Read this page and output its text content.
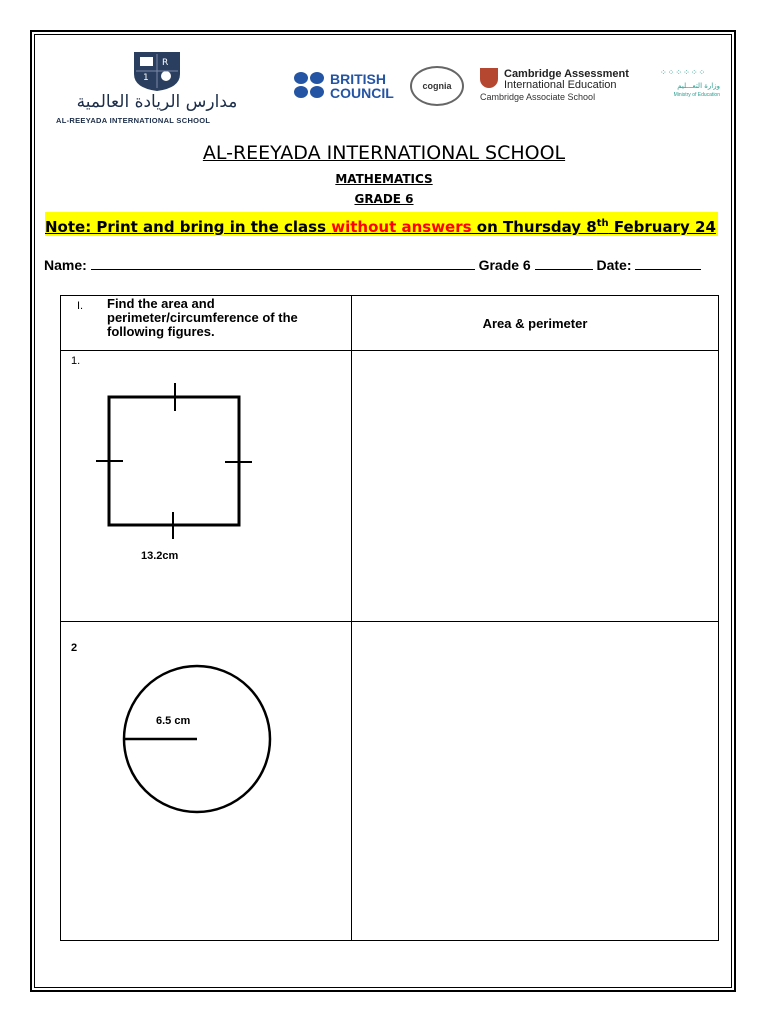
R
1
مدارس الريادة العالمية
AL-REEYADA INTERNATIONAL SCHOOL
BRITISH
COUNCIL	cognia
Cambridge Assessment
International Education
Cambridge Associate School
⁘⁘⁘⁘⁘⁘
وزارة التعـــليم
Ministry of Education
AL-REEYADA INTERNATIONAL SCHOOL
MATHEMATICS
GRADE 6
Note: Print and bring in the class without answers on Thursday 8th February 24
Name:	Grade 6	Date:
I. Find the area and perimeter/circumference of the following figures.	Area & perimeter

1.
13.2cm	

2
6.5 cm	
